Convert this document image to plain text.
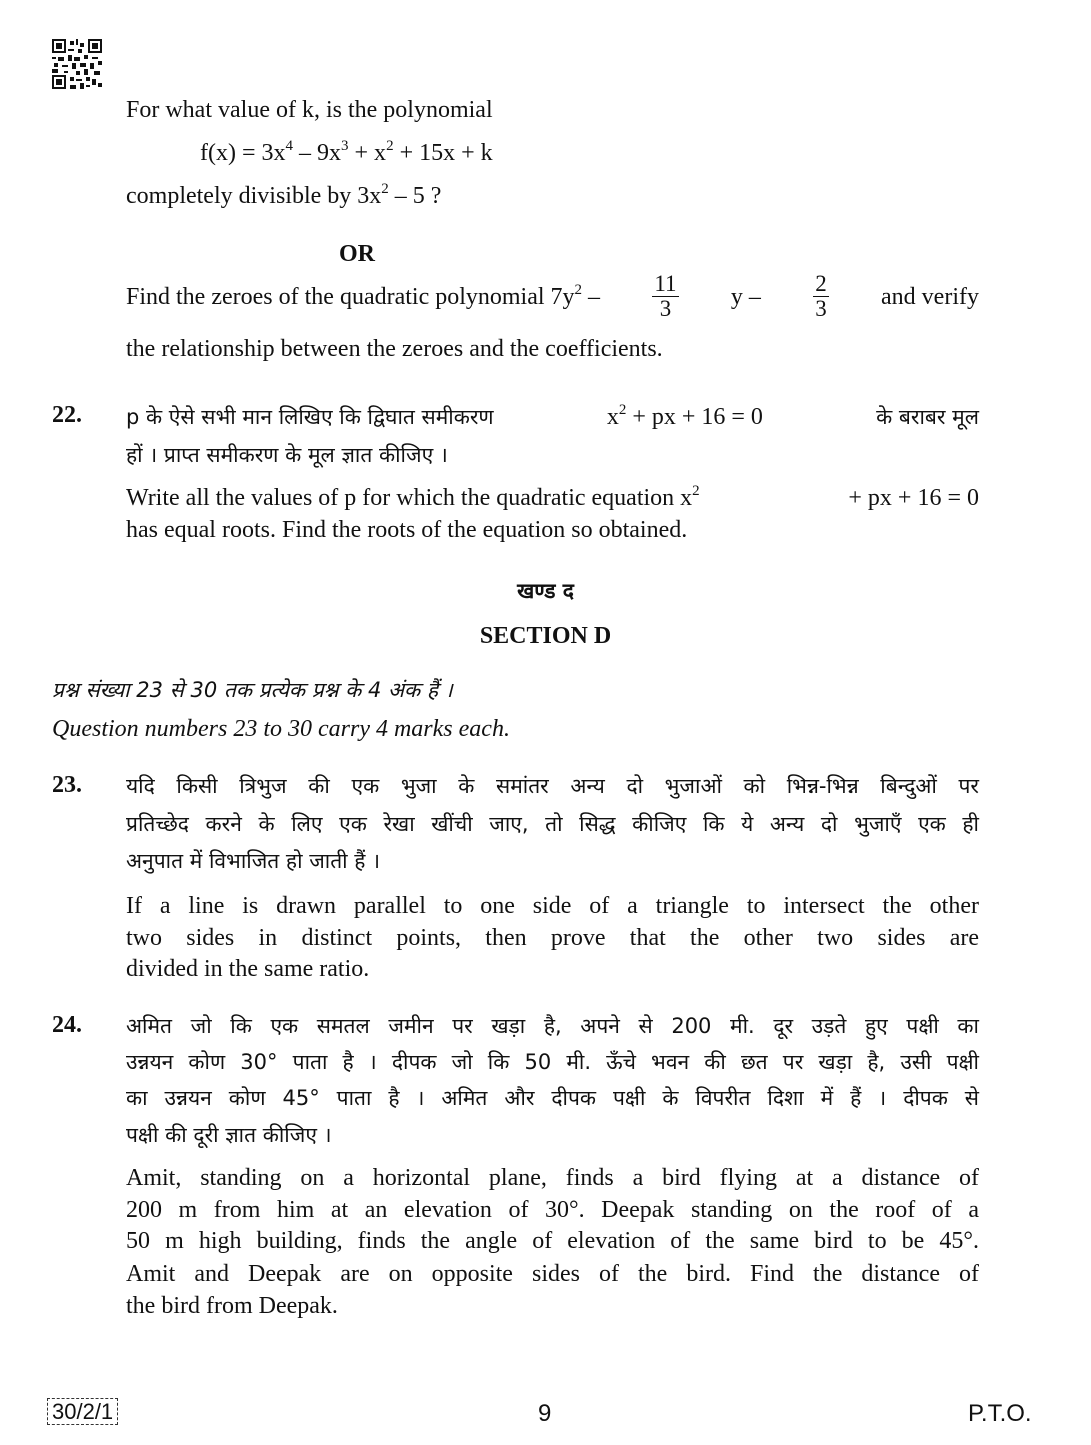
For what value of k, is the polynomial
$f(x) = 3x^4 - 9x^3 + x^2 + 15x + k$
completely divisible by $3x^2 - 5$ ?
OR
Find the zeroes of the quadratic polynomial $7y^2 - \frac{11}{3}$ y – $\frac{2}{3}$ and verify
the relationship between the zeroes and the coefficients.
22. p के ऐसे सभी मान लिखिए कि द्विघात समीकरण	$x^2$ + px + 16 = 0	के बराबर मूल
हों । प्राप्त समीकरण के मूल ज्ञात कीजिए ।
Write all the values of p for which the quadratic equation $x^2$	+ px + 16 = 0
has equal roots. Find the roots of the equation so obtained.
खण्ड द
SECTION D
प्रश्न संख्या 23 से 30 तक प्रत्येक प्रश्न के 4 अंक हैं ।
Question numbers 23 to 30 carry 4 marks each.
23. यदि किसी त्रिभुज की एक भुजा के समांतर अन्य दो भुजाओं को भिन्न-भिन्न बिन्दुओं पर
प्रतिच्छेद करने के लिए एक रेखा खींची जाए, तो सिद्ध कीजिए कि ये अन्य दो भुजाएँ एक ही
अनुपात में विभाजित हो जाती हैं ।
If a line is drawn parallel to one side of a triangle to intersect the other
two sides in distinct points, then prove that the other two sides are
divided in the same ratio.
24. अमित जो कि एक समतल जमीन पर खड़ा है, अपने से 200 मी. दूर उड़ते हुए पक्षी का
उन्नयन कोण 30° पाता है । दीपक जो कि 50 मी. ऊँचे भवन की छत पर खड़ा है, उसी पक्षी
का उन्नयन कोण 45° पाता है । अमित और दीपक पक्षी के विपरीत दिशा में हैं । दीपक से
पक्षी की दूरी ज्ञात कीजिए ।
Amit, standing on a horizontal plane, finds a bird flying at a distance of
200 m from him at an elevation of 30°. Deepak standing on the roof of a
50 m high building, finds the angle of elevation of the same bird to be 45°.
Amit and Deepak are on opposite sides of the bird. Find the distance of
the bird from Deepak.
30/2/1	9	P.T.O.
